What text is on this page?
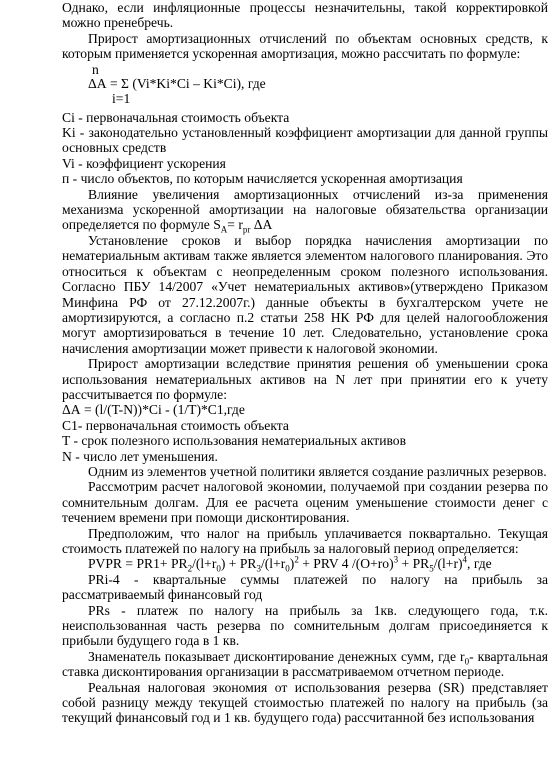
Однако, если инфляционные процессы незначительны, такой корректировкой можно пренебречь.

Прирост амортизационных отчислений по объектам основных средств, к которым применяется ускоренная амортизация, можно рассчитать по формуле:

n
ΔА = Σ (Vi*Ki*Ci – Ki*Ci), где
i=1

Ci - первоначальная стоимость объекта

Ki - законодательно установленный коэффициент амортизации для данной группы основных средств

Vi - коэффициент ускорения

п - число объектов, по которым начисляется ускоренная амортизация

Влияние увеличения амортизационных отчислений из-за применения механизма ускоренной амортизации на налоговые обязательства организации определяется по формуле $S_A= r_{pr}$ ΔА

Установление сроков и выбор порядка начисления амортизации по нематериальным активам также является элементом налогового планирования. Это относиться к объектам с неопределенным сроком полезного использования. Согласно ПБУ 14/2007 «Учет нематериальных активов»(утверждено Приказом Минфина РФ от 27.12.2007г.) данные объекты в бухгалтерском учете не амортизируются, а согласно п.2 статьи 258 НК РФ для целей налогообложения могут амортизироваться в течение 10 лет. Следовательно, установление срока начисления амортизации может привести к налоговой экономии.

Прирост амортизации вследствие принятия решения об уменьшении срока использования нематериальных активов на N лет при принятии его к учету рассчитывается по формуле:

ΔА = (l/(T-N))*Ci - (1/T)*C1,где

C1- первоначальная стоимость объекта

T - срок полезного использования нематериальных активов

N - число лет уменьшения.

Одним из элементов учетной политики является создание различных резервов.

Рассмотрим расчет налоговой экономии, получаемой при создании резерва по сомнительным долгам. Для ее расчета оценим уменьшение стоимости денег с течением времени при помощи дисконтирования.

Предположим, что налог на прибыль уплачивается поквартально. Текущая стоимость платежей по налогу на прибыль за налоговый период определяется:

PVPR = $PR1+ PR_2/(l+r_0) + PR_3/(l+r_0)^2$ + PRV 4 $/(O+ro)^3 + PR_5/(l+r)^4$, где

PRi-4 - квартальные суммы платежей по налогу на прибыль за рассматриваемый финансовый год

PRs - платеж по налогу на прибыль за 1кв. следующего года, т.к. неиспользованная часть резерва по сомнительным долгам присоединяется к прибыли будущего года в 1 кв.

Знаменатель показывает дисконтирование денежных сумм, где $r_0-$ квартальная ставка дисконтирования организации в рассматриваемом отчетном периоде.

Реальная налоговая экономия от использования резерва (SR) представляет собой разницу между текущей стоимостью платежей по налогу на прибыль (за текущий финансовый год и 1 кв. будущего года) рассчитанной без использования
